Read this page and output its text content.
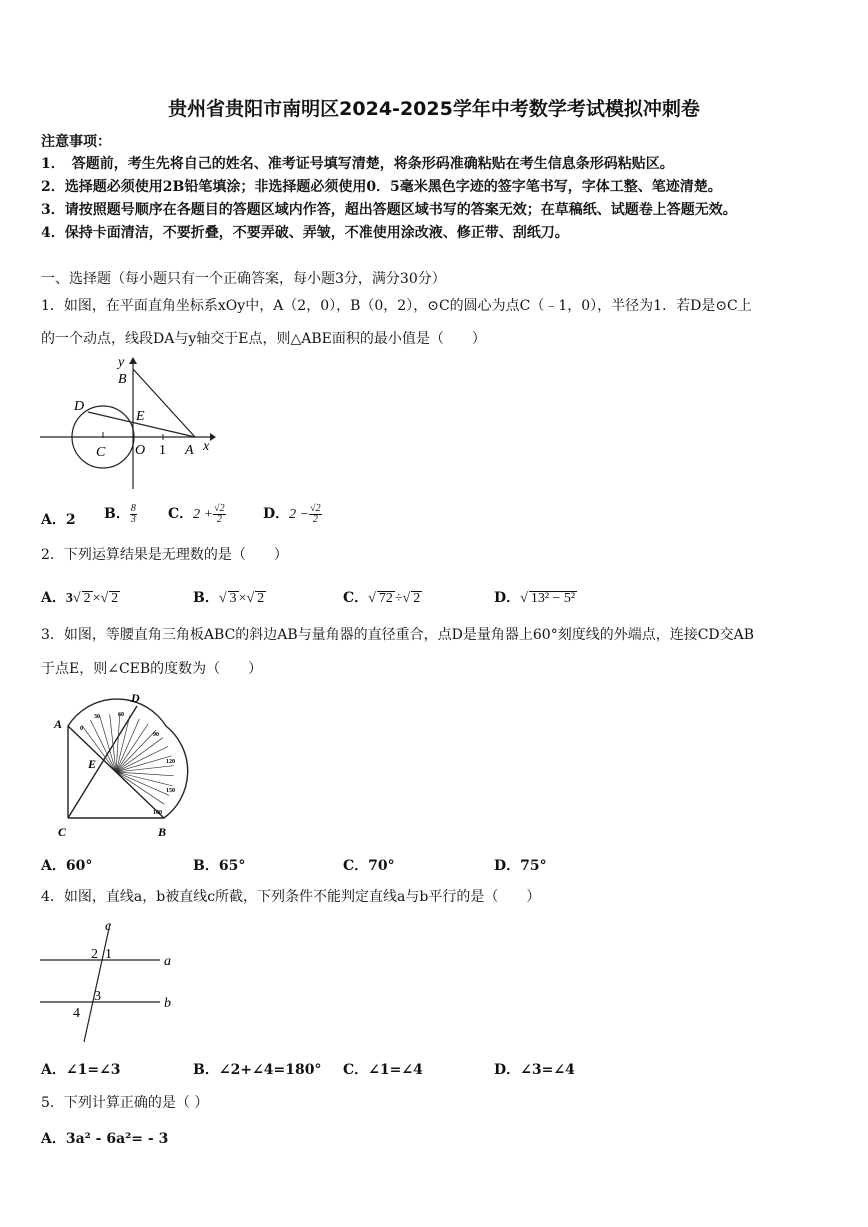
贵州省贵阳市南明区2024-2025学年中考数学考试模拟冲刺卷
注意事项：
1．　答题前，考生先将自己的姓名、准考证号填写清楚，将条形码准确粘贴在考生信息条形码粘贴区。
2．选择题必须使用2B铅笔填涂；非选择题必须使用0．5毫米黑色字迹的签字笔书写，字体工整、笔迹清楚。
3．请按照题号顺序在各题目的答题区域内作答，超出答题区域书写的答案无效；在草稿纸、试题卷上答题无效。
4．保持卡面清洁，不要折叠，不要弄破、弄皱，不准使用涂改液、修正带、刮纸刀。
一、选择题（每小题只有一个正确答案，每小题3分，满分30分）
1．如图，在平面直角坐标系xOy中，A（2，0），B（0，2），⊙C的圆心为点C（﹣1，0），半径为1．若D是⊙C上
的一个动点，线段DA与y轴交于E点，则△ABE面积的最小值是（　　）
y
B
D
E
O 1 A x
C
A．2 B． $\frac{8}{3}$ C．$2 + \frac{√2}{2}$	D．$2 - \frac{√2}{2}$
2．下列运算结果是无理数的是（　　）
A．3√ 2 ×√ 2	B．√ 3 ×√ 2	C．√ 72 ÷√ 2	D．√ 13² − 5²
3．如图，等腰直角三角板ABC的斜边AB与量角器的直径重合，点D是量角器上60°刻度线的外端点，连接CD交AB
于点E，则∠CEB的度数为（　　）
A
D
E
C	B
0
30	60
90
120
150
180
A．60°	B．65°	C．70°	D．75°
4．如图，直线a，b被直线c所截，下列条件不能判定直线a与b平行的是（　　）
c
a
b
2 1
3
4
A．∠1=∠3	B．∠2+∠4=180° C．∠1=∠4	D．∠3=∠4
5．下列计算正确的是（ ）
A．3a² - 6a²= - 3
